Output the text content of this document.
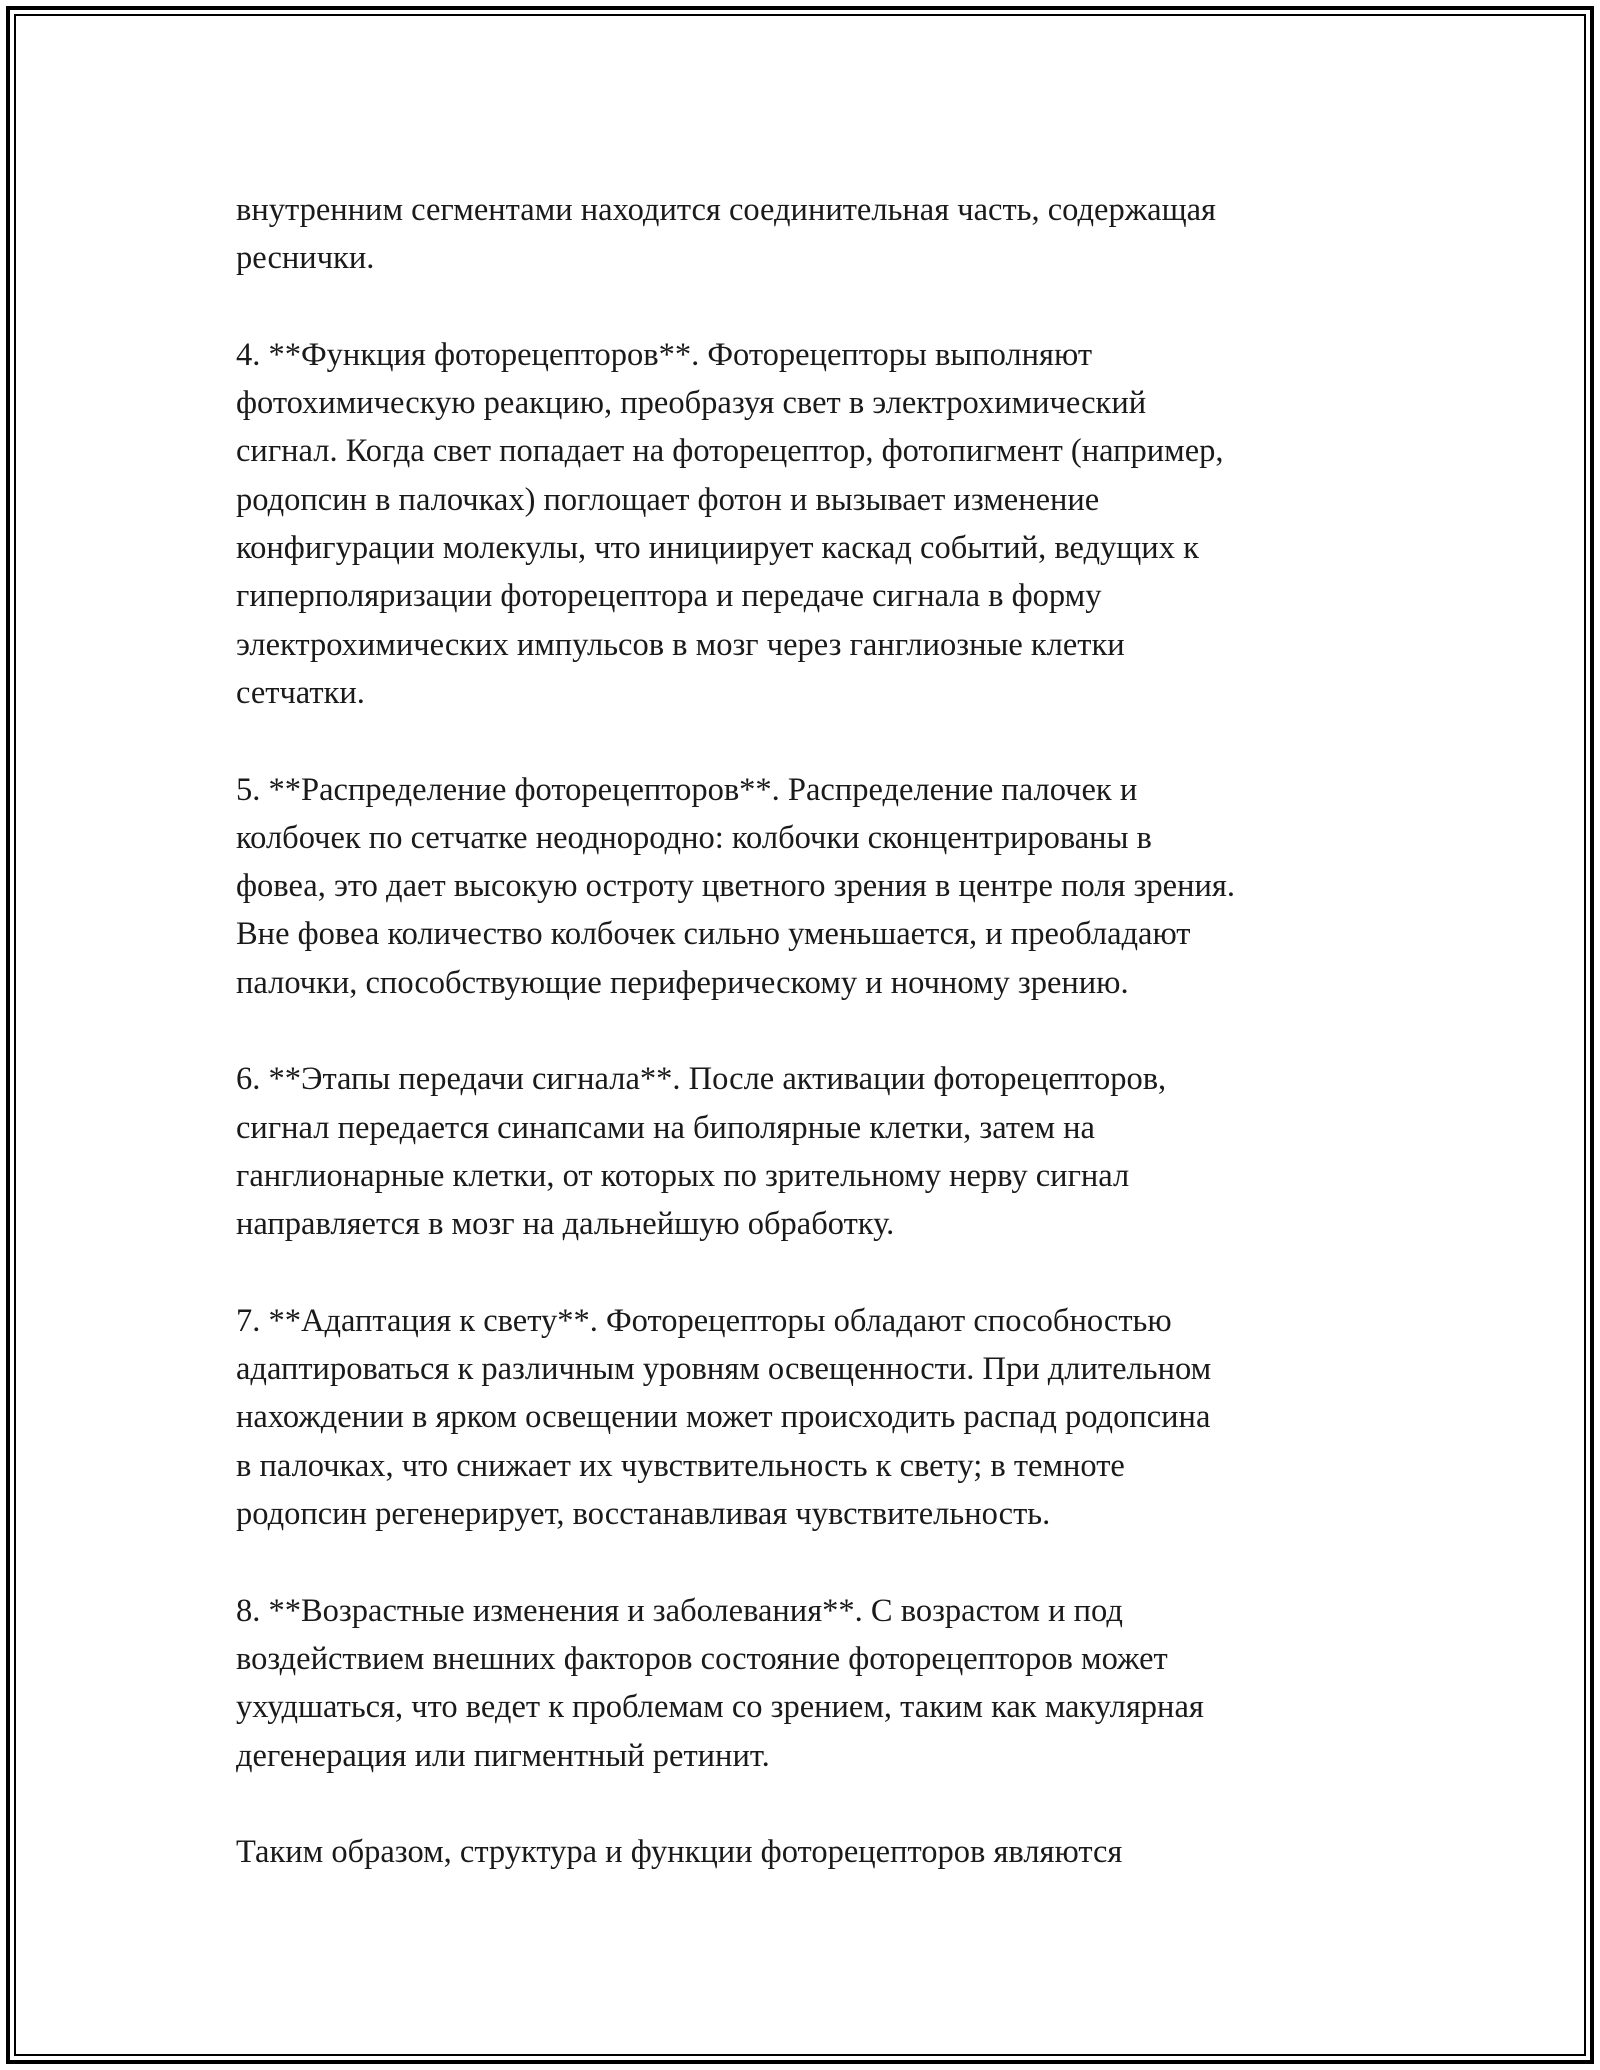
внутренним сегментами находится соединительная часть, содержащая
реснички.
4. **Функция фоторецепторов**. Фоторецепторы выполняют
фотохимическую реакцию, преобразуя свет в электрохимический
сигнал. Когда свет попадает на фоторецептор, фотопигмент (например,
родопсин в палочках) поглощает фотон и вызывает изменение
конфигурации молекулы, что инициирует каскад событий, ведущих к
гиперполяризации фоторецептора и передаче сигнала в форму
электрохимических импульсов в мозг через ганглиозные клетки
сетчатки.
5. **Распределение фоторецепторов**. Распределение палочек и
колбочек по сетчатке неоднородно: колбочки сконцентрированы в
фовеа, это дает высокую остроту цветного зрения в центре поля зрения.
Вне фовеа количество колбочек сильно уменьшается, и преобладают
палочки, способствующие периферическому и ночному зрению.
6. **Этапы передачи сигнала**. После активации фоторецепторов,
сигнал передается синапсами на биполярные клетки, затем на
ганглионарные клетки, от которых по зрительному нерву сигнал
направляется в мозг на дальнейшую обработку.
7. **Адаптация к свету**. Фоторецепторы обладают способностью
адаптироваться к различным уровням освещенности. При длительном
нахождении в ярком освещении может происходить распад родопсина
в палочках, что снижает их чувствительность к свету; в темноте
родопсин регенерирует, восстанавливая чувствительность.
8. **Возрастные изменения и заболевания**. С возрастом и под
воздействием внешних факторов состояние фоторецепторов может
ухудшаться, что ведет к проблемам со зрением, таким как макулярная
дегенерация или пигментный ретинит.
Таким образом, структура и функции фоторецепторов являются
